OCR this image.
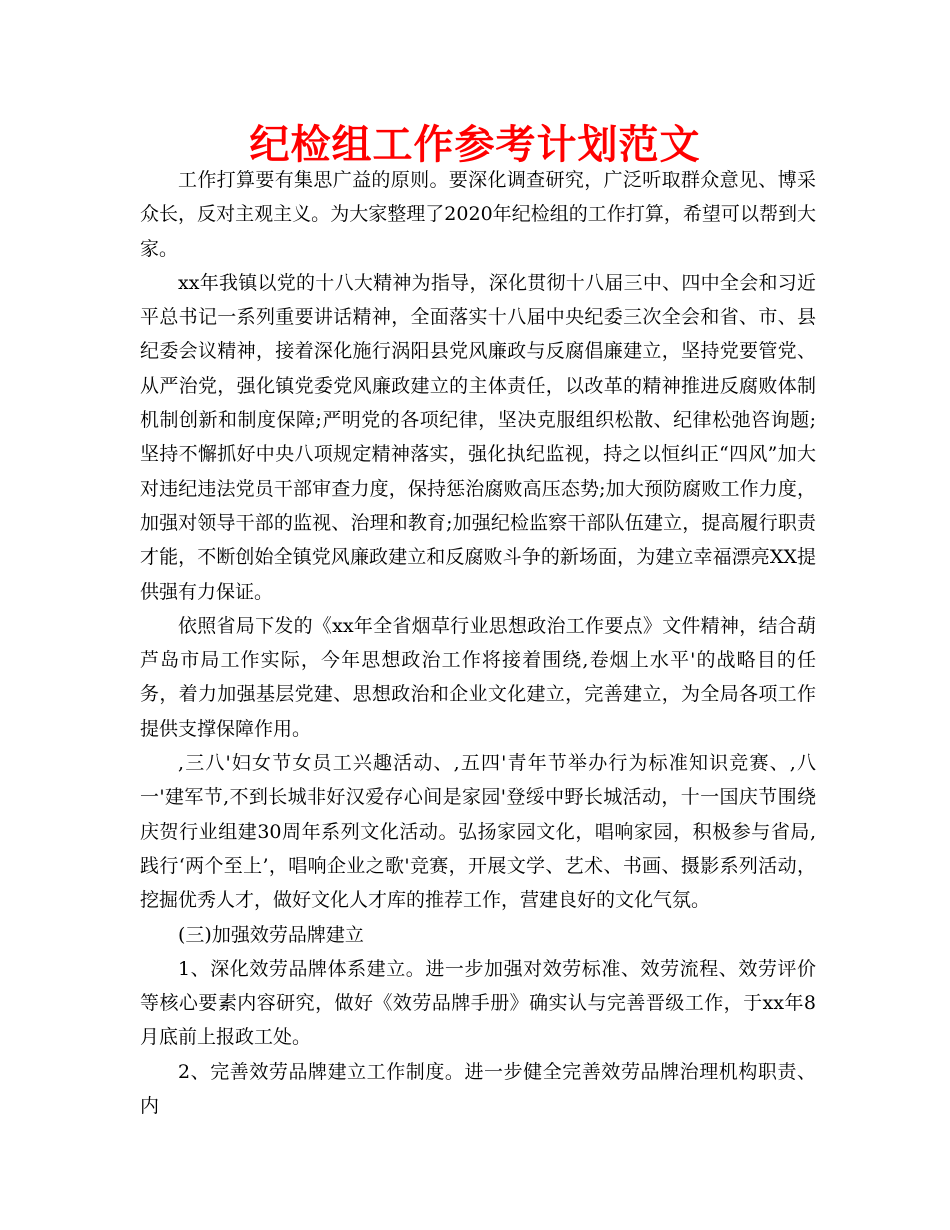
纪检组工作参考计划范文

工作打算要有集思广益的原则。要深化调查研究，广泛听取群众意见、博采众长，反对主观主义。为大家整理了2020年纪检组的工作打算，希望可以帮到大家。

xx年我镇以党的十八大精神为指导，深化贯彻十八届三中、四中全会和习近平总书记一系列重要讲话精神，全面落实十八届中央纪委三次全会和省、市、县纪委会议精神，接着深化施行涡阳县党风廉政与反腐倡廉建立，坚持党要管党、从严治党，强化镇党委党风廉政建立的主体责任，以改革的精神推进反腐败体制机制创新和制度保障;严明党的各项纪律，坚决克服组织松散、纪律松弛咨询题;坚持不懈抓好中央八项规定精神落实，强化执纪监视，持之以恒纠正“四风”加大对违纪违法党员干部审查力度，保持惩治腐败高压态势;加大预防腐败工作力度，加强对领导干部的监视、治理和教育;加强纪检监察干部队伍建立，提高履行职责才能，不断创始全镇党风廉政建立和反腐败斗争的新场面，为建立幸福漂亮XX提供强有力保证。

依照省局下发的《xx年全省烟草行业思想政治工作要点》文件精神，结合葫芦岛市局工作实际，今年思想政治工作将接着围绕,卷烟上水平'的战略目的任务，着力加强基层党建、思想政治和企业文化建立，完善建立，为全局各项工作提供支撑保障作用。

,三八'妇女节女员工兴趣活动、,五四'青年节举办行为标准知识竞赛、,八一'建军节,不到长城非好汉爱存心间是家园'登绥中野长城活动，十一国庆节围绕庆贺行业组建30周年系列文化活动。弘扬家园文化，唱响家园，积极参与省局,践行‘两个至上’，唱响企业之歌'竞赛，开展文学、艺术、书画、摄影系列活动，挖掘优秀人才，做好文化人才库的推荐工作，营建良好的文化气氛。

(三)加强效劳品牌建立

1、深化效劳品牌体系建立。进一步加强对效劳标准、效劳流程、效劳评价等核心要素内容研究，做好《效劳品牌手册》确实认与完善晋级工作，于xx年8月底前上报政工处。

2、完善效劳品牌建立工作制度。进一步健全完善效劳品牌治理机构职责、内
